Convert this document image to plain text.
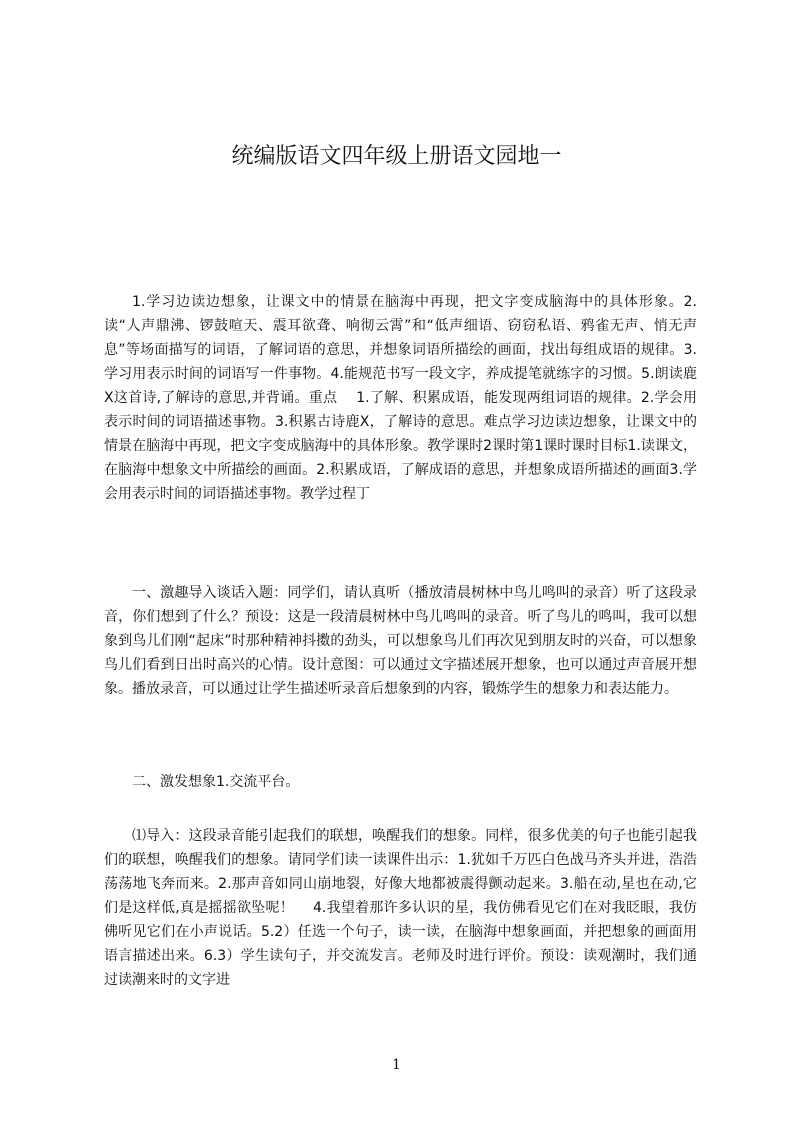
统编版语文四年级上册语文园地一

1.学习边读边想象，让课文中的情景在脑海中再现，把文字变成脑海中的具体形象。2.读“人声鼎沸、锣鼓喧天、震耳欲聋、响彻云霄”和“低声细语、窃窃私语、鸦雀无声、悄无声息”等场面描写的词语，了解词语的意思，并想象词语所描绘的画面，找出每组成语的规律。3.学习用表示时间的词语写一件事物。4.能规范书写一段文字，养成提笔就练字的习惯。5.朗读鹿X这首诗,了解诗的意思,并背诵。重点　 1.了解、积累成语，能发现两组词语的规律。2.学会用表示时间的词语描述事物。3.积累古诗鹿X，了解诗的意思。难点学习边读边想象，让课文中的情景在脑海中再现，把文字变成脑海中的具体形象。教学课时2课时第1课时课时目标1.读课文，在脑海中想象文中所描绘的画面。2.积累成语，了解成语的意思，并想象成语所描述的画面3.学会用表示时间的词语描述事物。教学过程丁

一、激趣导入谈话入题：同学们，请认真听（播放清晨树林中鸟儿鸣叫的录音）听了这段录音，你们想到了什么？预设：这是一段清晨树林中鸟儿鸣叫的录音。听了鸟儿的鸣叫，我可以想象到鸟儿们刚“起床”时那种精神抖擞的劲头，可以想象鸟儿们再次见到朋友时的兴奋，可以想象鸟儿们看到日出时高兴的心情。设计意图：可以通过文字描述展开想象，也可以通过声音展开想象。播放录音，可以通过让学生描述听录音后想象到的内容，锻炼学生的想象力和表达能力。

二、激发想象1.交流平台。

⑴导入：这段录音能引起我们的联想，唤醒我们的想象。同样，很多优美的句子也能引起我们的联想，唤醒我们的想象。请同学们读一读课件出示：1.犹如千万匹白色战马齐头并进，浩浩荡荡地飞奔而来。2.那声音如同山崩地裂，好像大地都被震得颤动起来。3.船在动,星也在动,它们是这样低,真是摇摇欲坠呢！　 4.我望着那许多认识的星，我仿佛看见它们在对我眨眼，我仿佛听见它们在小声说话。5.2）任选一个句子，读一读，在脑海中想象画面，并把想象的画面用语言描述出来。6.3）学生读句子，并交流发言。老师及时进行评价。预设：读观潮时，我们通过读潮来时的文字进

1
